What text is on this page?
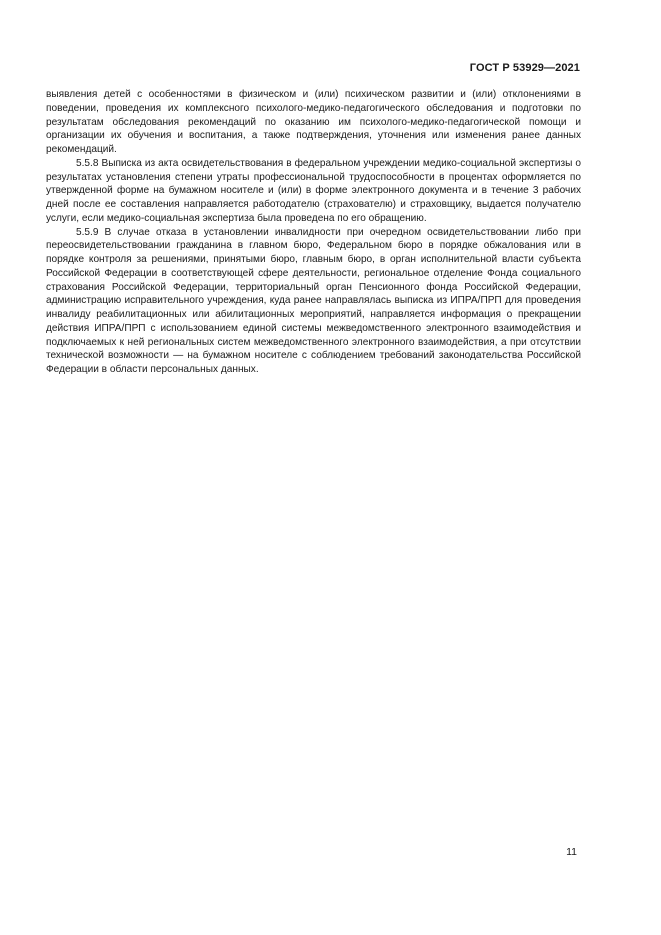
ГОСТ Р 53929—2021

выявления детей с особенностями в физическом и (или) психическом развитии и (или) отклонениями в поведении, проведения их комплексного психолого-медико-педагогического обследования и подготовки по результатам обследования рекомендаций по оказанию им психолого-медико-педагогической помощи и организации их обучения и воспитания, а также подтверждения, уточнения или изменения ранее данных рекомендаций.

5.5.8 Выписка из акта освидетельствования в федеральном учреждении медико-социальной экспертизы о результатах установления степени утраты профессиональной трудоспособности в процентах оформляется по утвержденной форме на бумажном носителе и (или) в форме электронного документа и в течение 3 рабочих дней после ее составления направляется работодателю (страхователю) и страховщику, выдается получателю услуги, если медико-социальная экспертиза была проведена по его обращению.

5.5.9 В случае отказа в установлении инвалидности при очередном освидетельствовании либо при переосвидетельствовании гражданина в главном бюро, Федеральном бюро в порядке обжалования или в порядке контроля за решениями, принятыми бюро, главным бюро, в орган исполнительной власти субъекта Российской Федерации в соответствующей сфере деятельности, региональное отделение Фонда социального страхования Российской Федерации, территориальный орган Пенсионного фонда Российской Федерации, администрацию исправительного учреждения, куда ранее направлялась выписка из ИПРА/ПРП для проведения инвалиду реабилитационных или абилитационных мероприятий, направляется информация о прекращении действия ИПРА/ПРП с использованием единой системы межведомственного электронного взаимодействия и подключаемых к ней региональных систем межведомственного электронного взаимодействия, а при отсутствии технической возможности — на бумажном носителе с соблюдением требований законодательства Российской Федерации в области персональных данных.

11
